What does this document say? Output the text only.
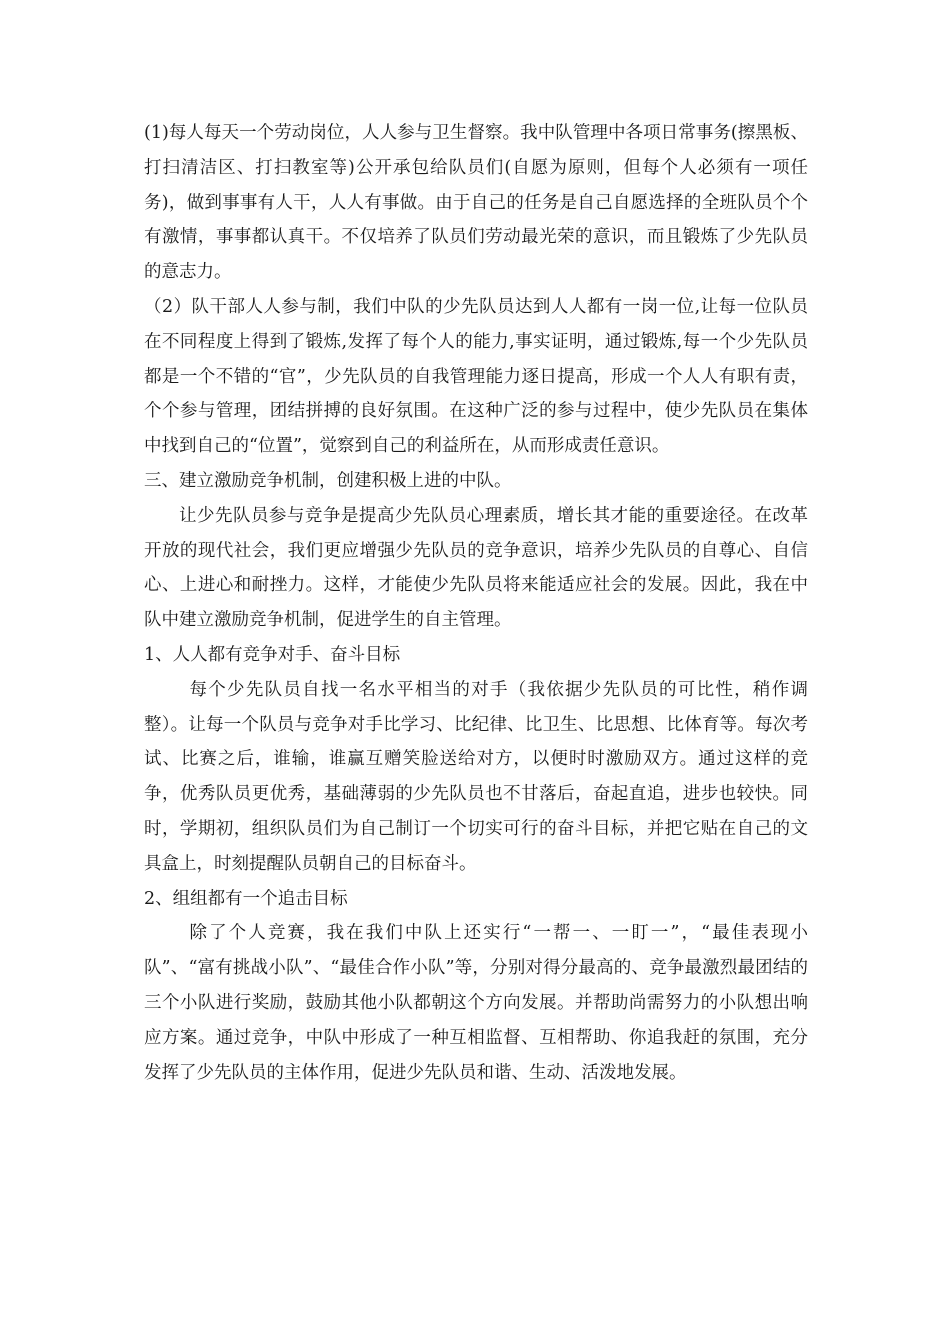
(1)每人每天一个劳动岗位，人人参与卫生督察。我中队管理中各项日常事务(擦黑板、打扫清洁区、打扫教室等)公开承包给队员们(自愿为原则，但每个人必须有一项任务)，做到事事有人干，人人有事做。由于自己的任务是自己自愿选择的全班队员个个有激情，事事都认真干。不仅培养了队员们劳动最光荣的意识，而且锻炼了少先队员的意志力。

（2）队干部人人参与制，我们中队的少先队员达到人人都有一岗一位,让每一位队员在不同程度上得到了锻炼,发挥了每个人的能力,事实证明，通过锻炼,每一个少先队员都是一个不错的“官”，少先队员的自我管理能力逐日提高，形成一个人人有职有责，个个参与管理，团结拼搏的良好氛围。在这种广泛的参与过程中，使少先队员在集体中找到自己的“位置”，觉察到自己的利益所在，从而形成责任意识。

三、建立激励竞争机制，创建积极上进的中队。

让少先队员参与竞争是提高少先队员心理素质，增长其才能的重要途径。在改革开放的现代社会，我们更应增强少先队员的竞争意识，培养少先队员的自尊心、自信心、上进心和耐挫力。这样，才能使少先队员将来能适应社会的发展。因此，我在中队中建立激励竞争机制，促进学生的自主管理。

1、人人都有竞争对手、奋斗目标

每个少先队员自找一名水平相当的对手（我依据少先队员的可比性，稍作调整）。让每一个队员与竞争对手比学习、比纪律、比卫生、比思想、比体育等。每次考试、比赛之后，谁输，谁赢互赠笑脸送给对方，以便时时激励双方。通过这样的竞争，优秀队员更优秀，基础薄弱的少先队员也不甘落后，奋起直追，进步也较快。同时，学期初，组织队员们为自己制订一个切实可行的奋斗目标，并把它贴在自己的文具盒上，时刻提醒队员朝自己的目标奋斗。

2、组组都有一个追击目标

除了个人竞赛，我在我们中队上还实行“一帮一、一盯一”，“最佳表现小队”、“富有挑战小队”、“最佳合作小队”等，分别对得分最高的、竞争最激烈最团结的三个小队进行奖励，鼓励其他小队都朝这个方向发展。并帮助尚需努力的小队想出响应方案。通过竞争，中队中形成了一种互相监督、互相帮助、你追我赶的氛围，充分发挥了少先队员的主体作用，促进少先队员和谐、生动、活泼地发展。
